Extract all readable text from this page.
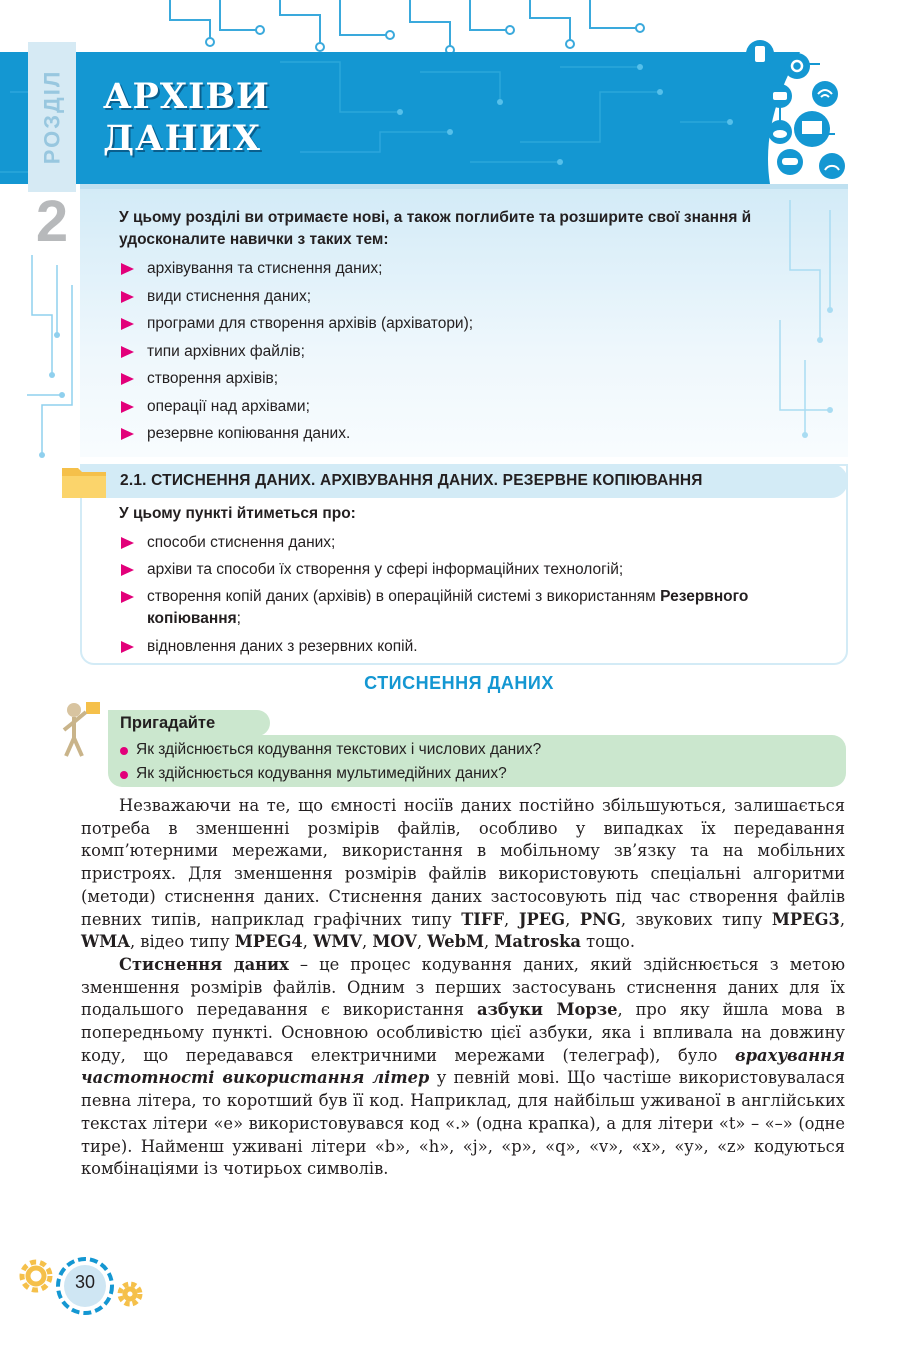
РОЗДІЛ АРХІВИ
ДАНИХ
2	У цьому розділі ви отримаєте нові, а також поглибите та розширите свої знання й удосконалите навички з таких тем:
архівування та стиснення даних;
види стиснення даних;
програми для створення архівів (архіватори);
типи архівних файлів;
створення архівів;
операції над архівами;
резервне копіювання даних.
2.1. СТИСНЕННЯ ДАНИХ. АРХІВУВАННЯ ДАНИХ. РЕЗЕРВНЕ КОПІЮВАННЯ
У цьому пункті йтиметься про:
способи стиснення даних;
архіви та способи їх створення у сфері інформаційних технологій;
створення копій даних (архівів) в операційній системі з використанням Резервного копіювання;
відновлення даних з резервних копій.
СТИСНЕННЯ ДАНИХ
Пригадайте
Як здійснюється кодування текстових і числових даних?
Як здійснюється кодування мультимедійних даних?

Незважаючи на те, що ємності носіїв даних постійно збільшуються, залишається потреба в зменшенні розмірів файлів, особливо у випадках їх передавання комп’ютерними мережами, використання в мобільному зв’язку та на мобільних пристроях. Для зменшення розмірів файлів використовують спеціальні алгоритми (методи) стиснення даних. Стиснення даних застосовують під час створення файлів певних типів, наприклад графічних типу TIFF, JPEG, PNG, звукових типу MPEG3, WMA, відео типу MPEG4, WMV, MOV, WebM, Matroska тощо.

Стиснення даних – це процес кодування даних, який здійснюється з метою зменшення розмірів файлів. Одним з перших застосувань стиснення даних для їх подальшого передавання є використання азбуки Морзе, про яку йшла мова в попередньому пункті. Основною особливістю цієї азбуки, яка і впливала на довжину коду, що передавався електричними мережами (телеграф), було врахування частотності використання літер у певній мові. Що частіше використовувалася певна літера, то коротший був її код. Наприклад, для найбільш уживаної в англійських текстах літери «e» використовувався код «.» (одна крапка), а для літери «t» – «–» (одне тире). Найменш уживані літери «b», «h», «j», «p», «q», «v», «x», «y», «z» кодуються комбінаціями із чотирьох символів.

30
